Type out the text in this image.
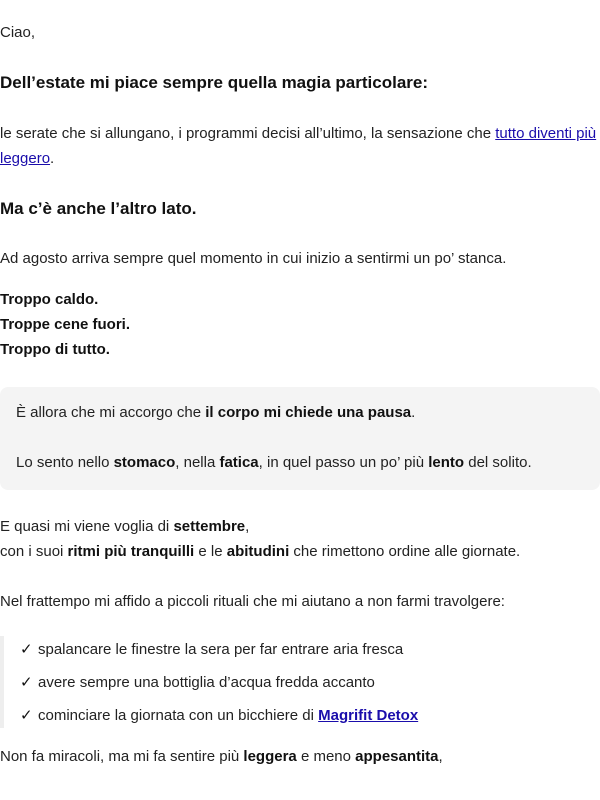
Ciao,

Dell’estate mi piace sempre quella magia particolare:

le serate che si allungano, i programmi decisi all’ultimo, la sensazione che tutto diventi più leggero.

Ma c’è anche l’altro lato.

Ad agosto arriva sempre quel momento in cui inizio a sentirmi un po’ stanca.

Troppo caldo.

Troppe cene fuori.

Troppo di tutto.

È allora che mi accorgo che il corpo mi chiede una pausa.

Lo sento nello stomaco, nella fatica, in quel passo un po’ più lento del solito.

E quasi mi viene voglia di settembre,

con i suoi ritmi più tranquilli e le abitudini che rimettono ordine alle giornate.

Nel frattempo mi affido a piccoli rituali che mi aiutano a non farmi travolgere:

✓ spalancare le finestre la sera per far entrare aria fresca

✓ avere sempre una bottiglia d’acqua fredda accanto

✓ cominciare la giornata con un bicchiere di Magrifit Detox

Non fa miracoli, ma mi fa sentire più leggera e meno appesantita,
